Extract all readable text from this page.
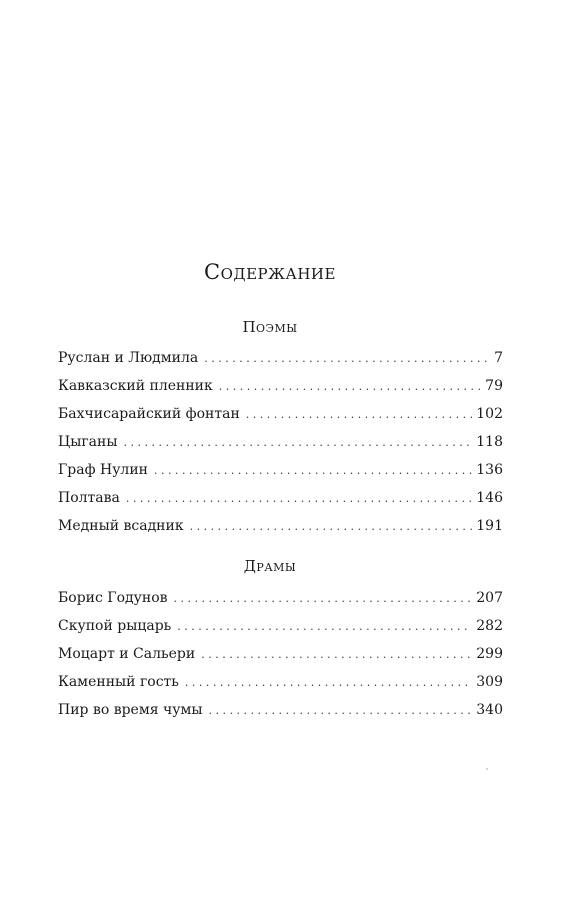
Содержание
Поэмы
Руслан и Людмила . . .	7
Кавказский пленник . . .	79
Бахчисарайский фонтан . . .	102
Цыганы . . .	118
Граф Нулин . . .	136
Полтава . . .	146
Медный всадник . . .	191
Драмы
Борис Годунов . . .	207
Скупой рыцарь . . .	282
Моцарт и Сальери . . .	299
Каменный гость . . .	309
Пир во время чумы . . .	340
